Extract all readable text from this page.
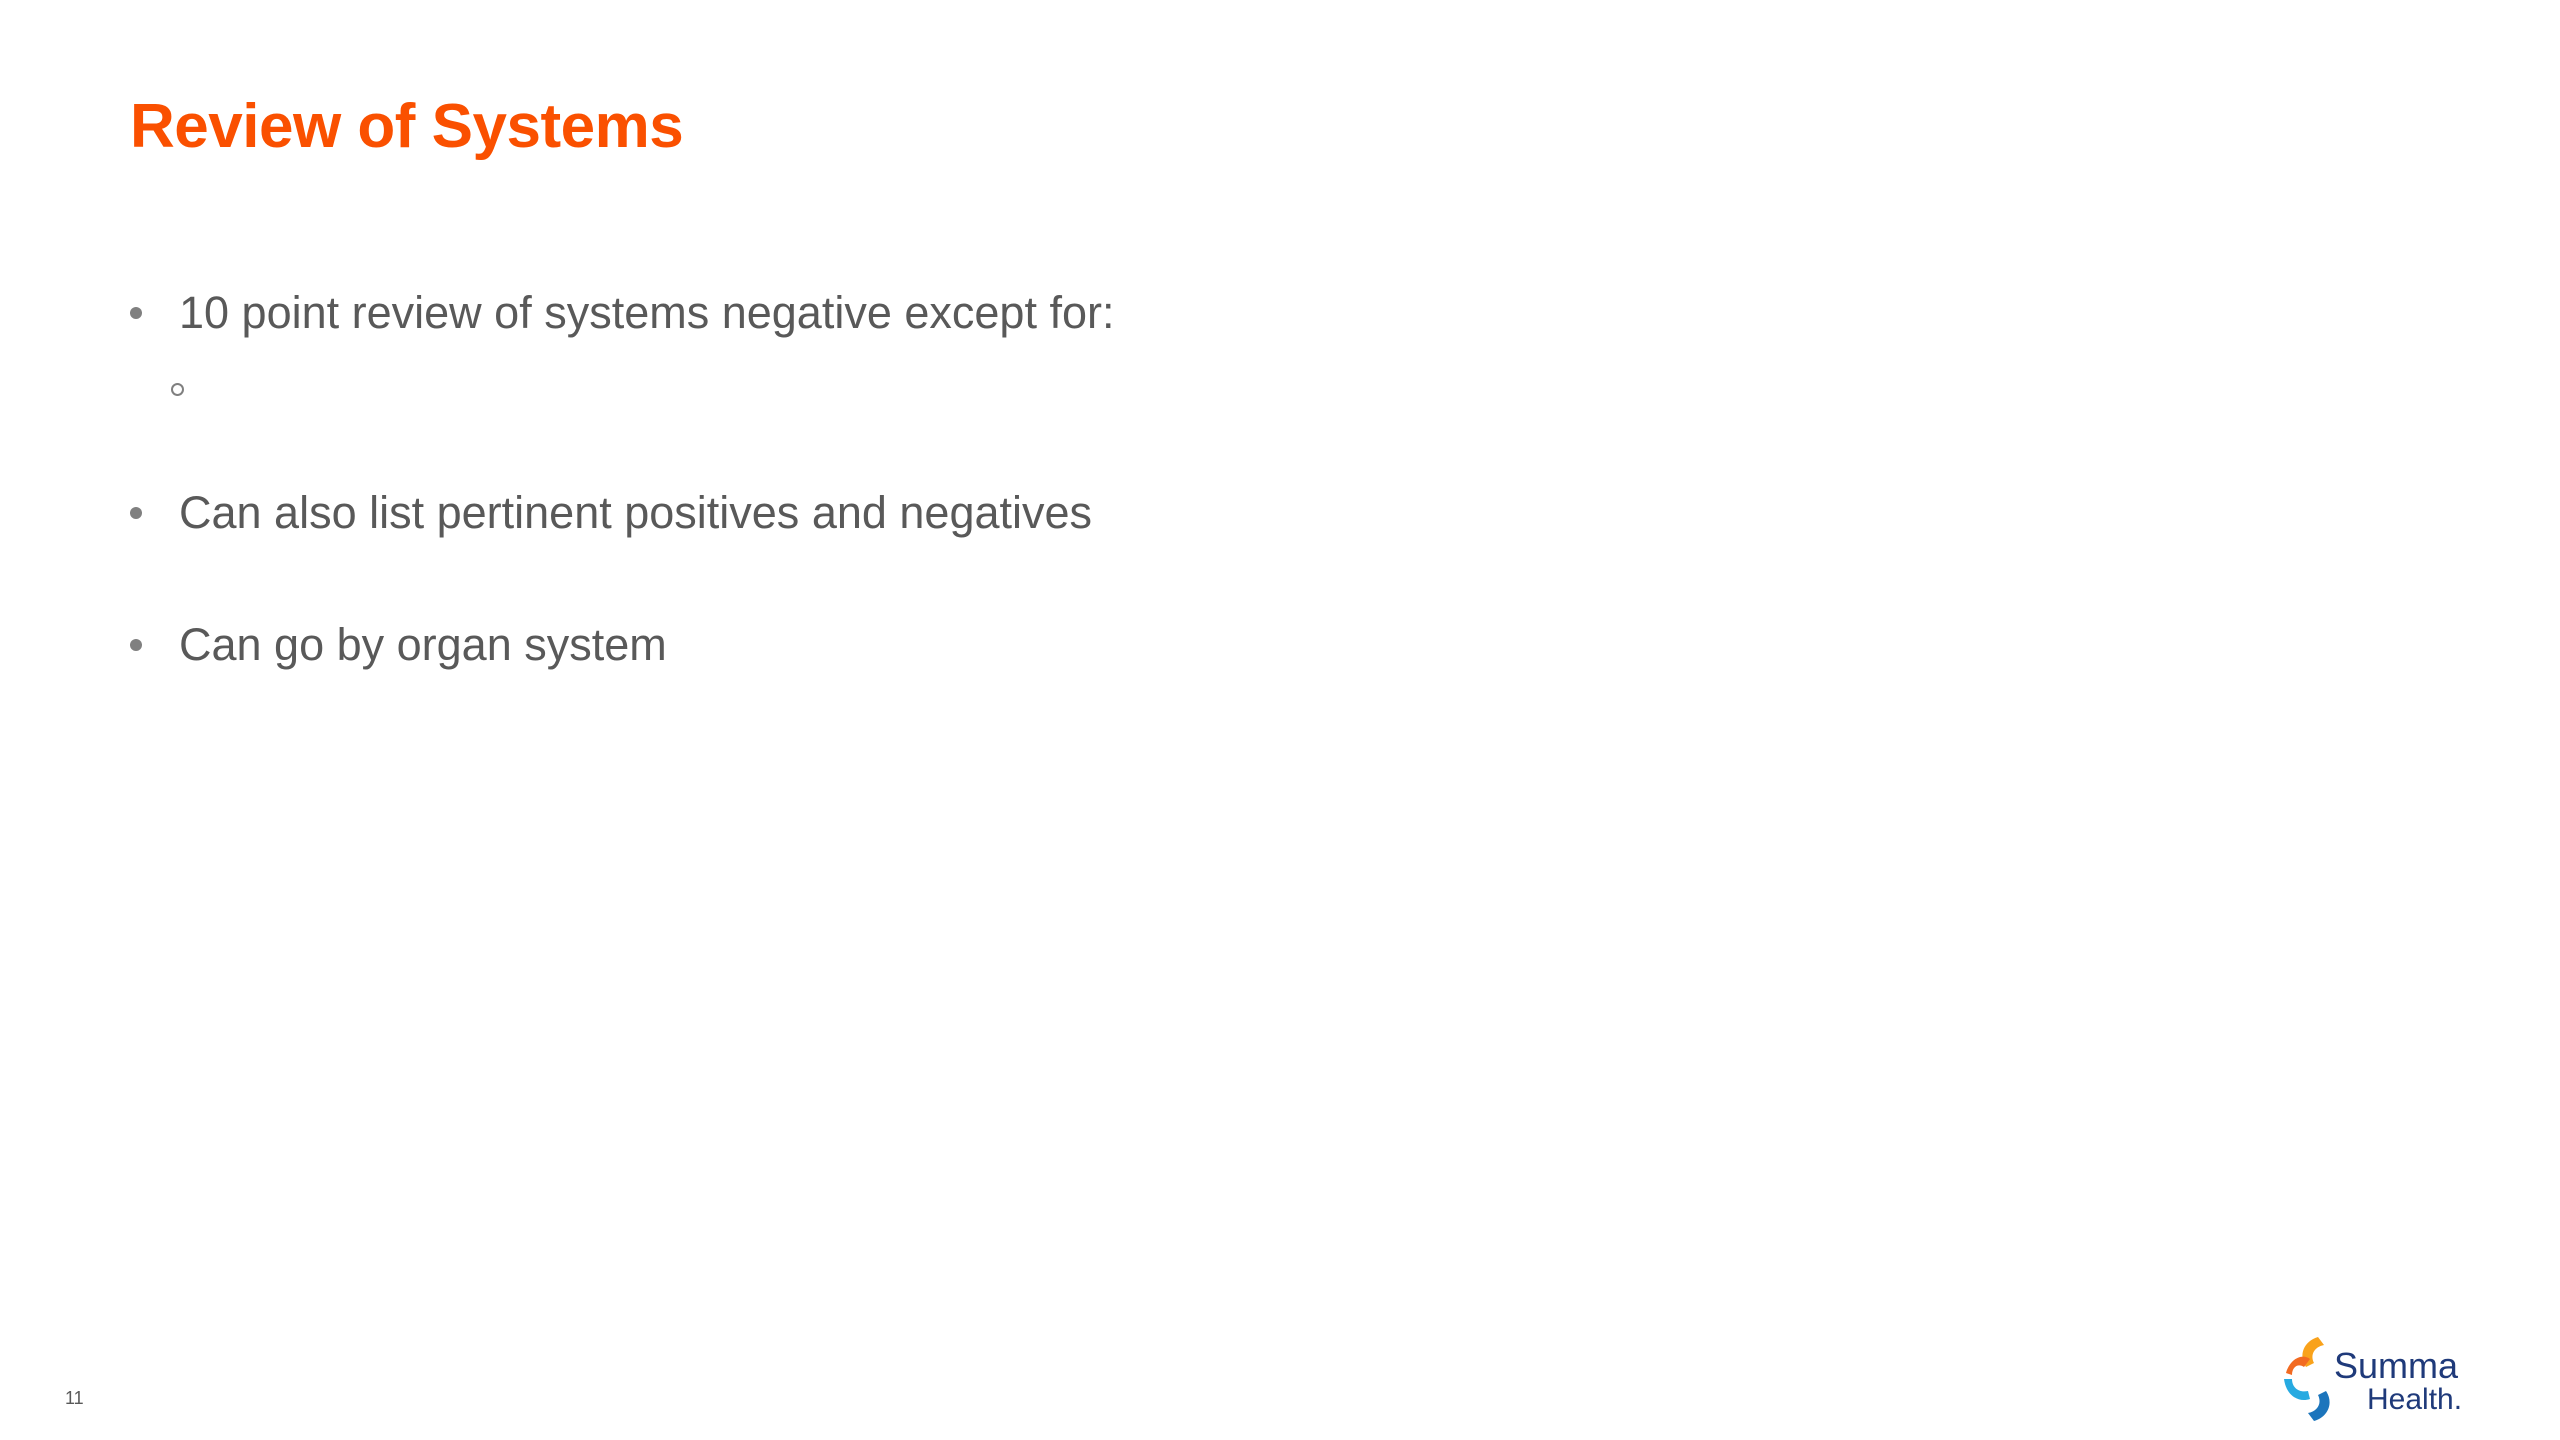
Review of Systems
10 point review of systems negative except for:
Can also list pertinent positives and negatives
Can go by organ system
11
Summa
Health.
